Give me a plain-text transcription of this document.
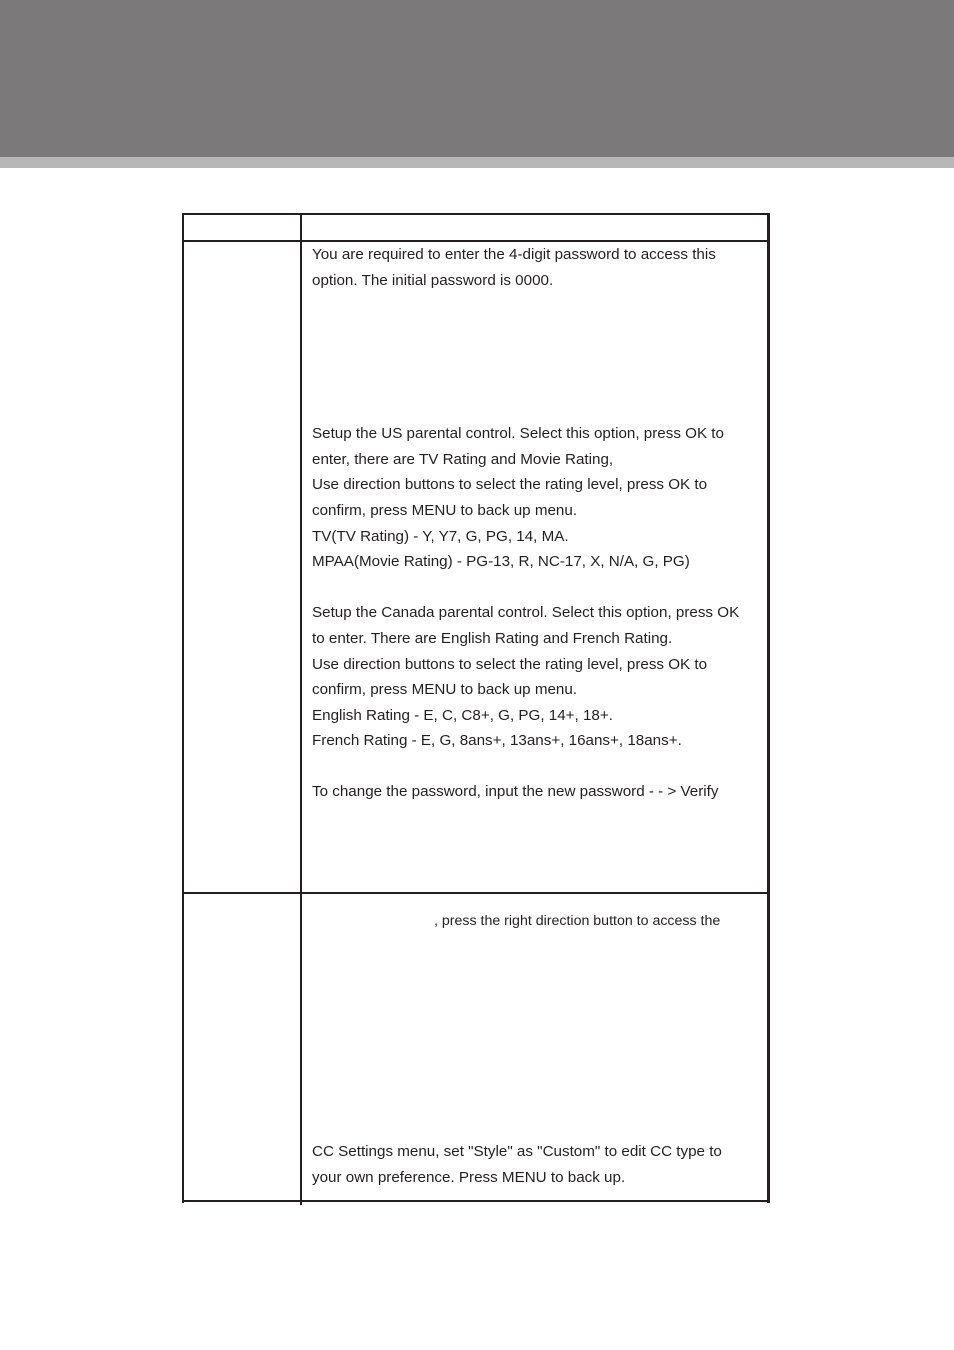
You are required to enter the 4-digit password to access this

option. The initial password is 0000.

Setup the US parental control. Select this option, press OK to

enter, there are TV Rating and Movie Rating,

Use direction buttons to select the rating level, press OK to

confirm, press MENU to back up menu.

TV(TV Rating) - Y, Y7, G, PG, 14, MA.

MPAA(Movie Rating) - PG-13, R, NC-17, X, N/A, G, PG)

Setup the Canada parental control. Select this option, press OK

to enter. There are English Rating and French Rating.

Use direction buttons to select the rating level, press OK to

confirm, press MENU to back up menu.

English Rating - E, C, C8+, G, PG, 14+, 18+.

French Rating - E, G, 8ans+, 13ans+, 16ans+, 18ans+.

To change the password, input the new password - - > Verify

, press the right direction button to access the

CC Settings menu, set "Style" as "Custom" to edit CC type to

your own preference. Press MENU to back up.
